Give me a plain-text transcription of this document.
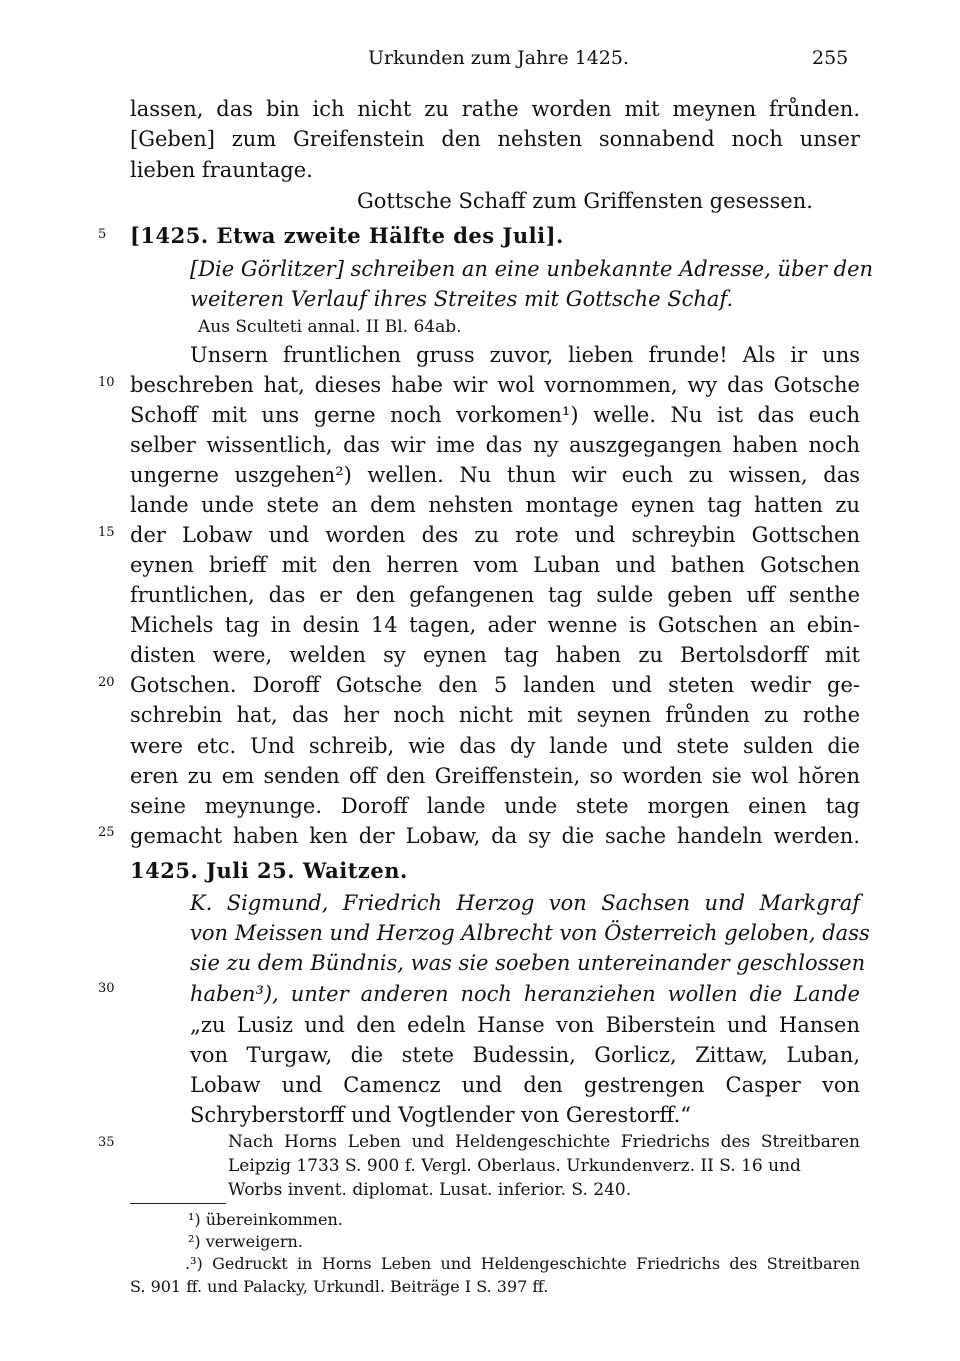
Urkunden zum Jahre 1425.	255
5
10
15
20
25
30
35
lassen, das bin ich nicht zu rathe worden mit meynen frůnden.
[Geben] zum Greifenstein den nehsten sonnabend noch unser
lieben frauntage.
Gottsche Schaff zum Griffensten gesessen.
[1425. Etwa zweite Hälfte des Juli].
[Die Görlitzer] schreiben an eine unbekannte Adresse, über den
weiteren Verlauf ihres Streites mit Gottsche Schaf.
Aus Sculteti annal. II Bl. 64ab.
Unsern fruntlichen gruss zuvor, lieben frunde! Als ir uns
beschreben hat, dieses habe wir wol vornommen, wy das Gotsche
Schoff mit uns gerne noch vorkomen¹) welle. Nu ist das euch
selber wissentlich, das wir ime das ny auszgegangen haben noch
ungerne uszgehen²) wellen. Nu thun wir euch zu wissen, das
lande unde stete an dem nehsten montage eynen tag hatten zu
der Lobaw und worden des zu rote und schreybin Gottschen
eynen brieff mit den herren vom Luban und bathen Gotschen
fruntlichen, das er den gefangenen tag sulde geben uff senthe
Michels tag in desin 14 tagen, ader wenne is Gotschen an ebin-
disten were, welden sy eynen tag haben zu Bertolsdorff mit
Gotschen. Doroff Gotsche den 5 landen und steten wedir ge-
schrebin hat, das her noch nicht mit seynen frůnden zu rothe
were etc. Und schreib, wie das dy lande und stete sulden die
eren zu em senden off den Greiffenstein, so worden sie wol hŏren
seine meynunge. Doroff lande unde stete morgen einen tag
gemacht haben ken der Lobaw, da sy die sache handeln werden.
1425. Juli 25. Waitzen.
K. Sigmund, Friedrich Herzog von Sachsen und Markgraf
von Meissen und Herzog Albrecht von Österreich geloben, dass
sie zu dem Bündnis, was sie soeben untereinander geschlossen
haben³), unter anderen noch heranziehen wollen die Lande
„zu Lusiz und den edeln Hanse von Biberstein und Hansen
von Turgaw, die stete Budessin, Gorlicz, Zittaw, Luban,
Lobaw und Camencz und den gestrengen Casper von
Schryberstorff und Vogtlender von Gerestorff.“
Nach Horns Leben und Heldengeschichte Friedrichs des Streitbaren
Leipzig 1733 S. 900 f. Vergl. Oberlaus. Urkundenverz. II S. 16 und
Worbs invent. diplomat. Lusat. inferior. S. 240.
¹) übereinkommen.
²) verweigern.
.³) Gedruckt in Horns Leben und Heldengeschichte Friedrichs des Streitbaren
S. 901 ff. und Palacky, Urkundl. Beiträge I S. 397 ff.
